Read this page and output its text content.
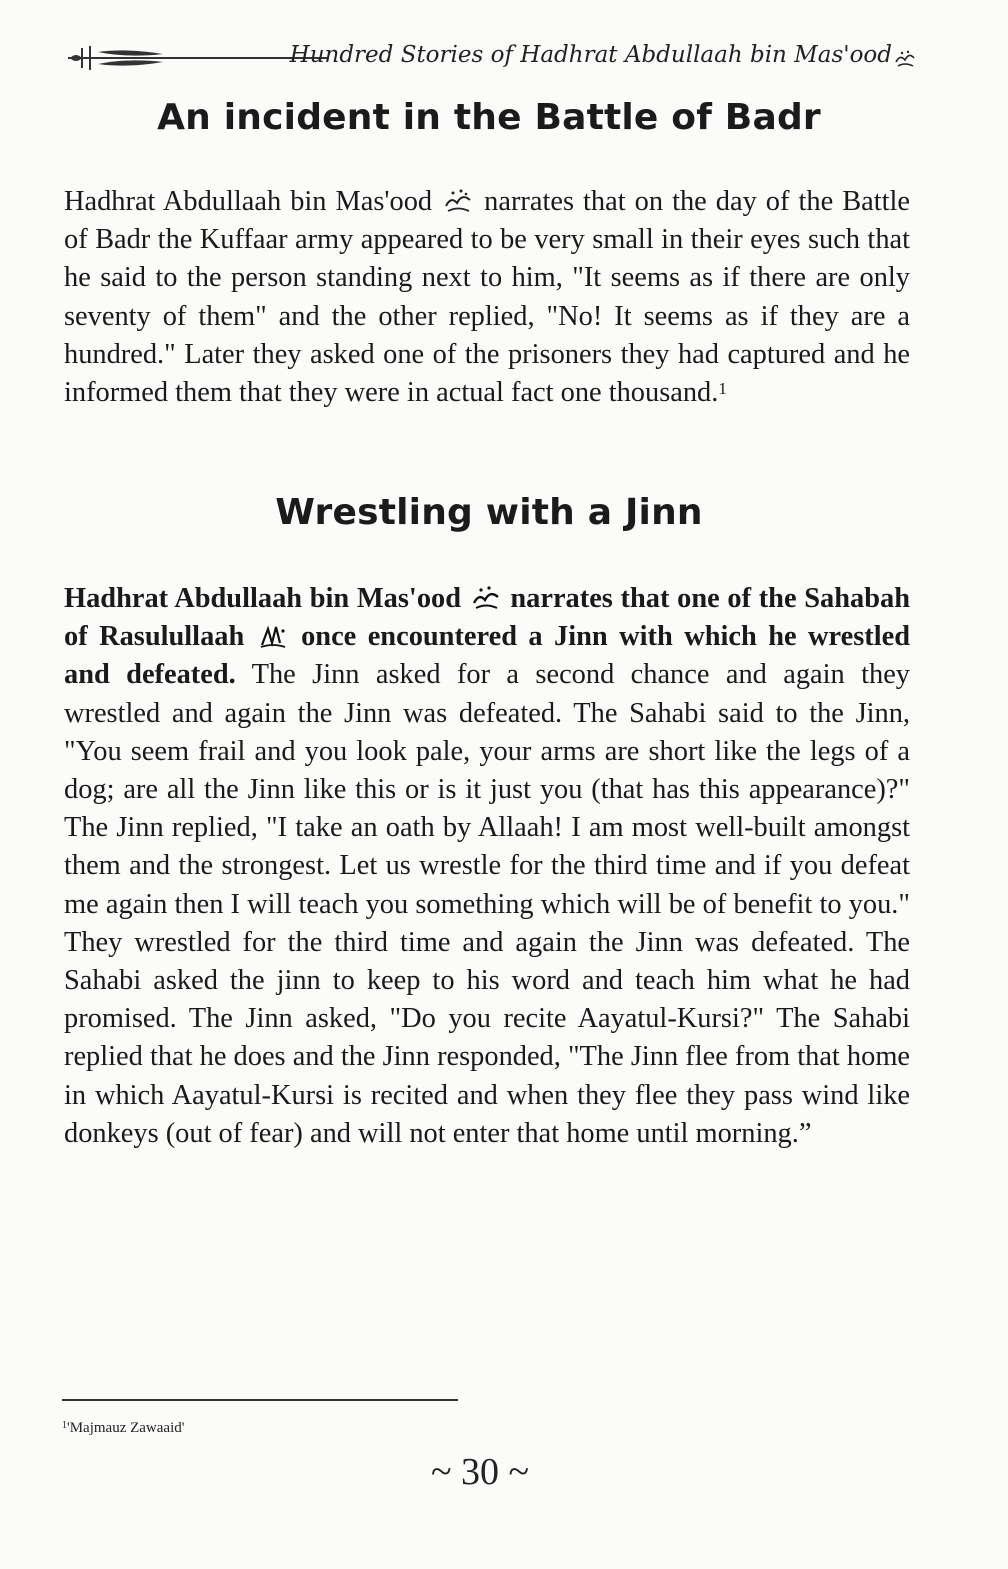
Hundred Stories of Hadhrat Abdullaah bin Mas'ood
An incident in the Battle of Badr

Hadhrat Abdullaah bin Mas'ood  narrates that on the day of the Battle of Badr the Kuffaar army appeared to be very small in their eyes such that he said to the person standing next to him, "It seems as if there are only seventy of them" and the other replied, "No! It seems as if they are a hundred." Later they asked one of the prisoners they had captured and he informed them that they were in actual fact one thousand.$^1$

Wrestling with a Jinn

Hadhrat Abdullaah bin Mas'ood  narrates that one of the Sahabah of Rasulullaah  once encountered a Jinn with which he wrestled and defeated. The Jinn asked for a second chance and again they wrestled and again the Jinn was defeated. The Sahabi said to the Jinn, "You seem frail and you look pale, your arms are short like the legs of a dog; are all the Jinn like this or is it just you (that has this appearance)?" The Jinn replied, "I take an oath by Allaah! I am most well-built amongst them and the strongest. Let us wrestle for the third time and if you defeat me again then I will teach you something which will be of benefit to you." They wrestled for the third time and again the Jinn was defeated. The Sahabi asked the jinn to keep to his word and teach him what he had promised. The Jinn asked, "Do you recite Aayatul-Kursi?" The Sahabi replied that he does and the Jinn responded, "The Jinn flee from that home in which Aayatul-Kursi is recited and when they flee they pass wind like donkeys (out of fear) and will not enter that home until morning.”

$^1$'Majmauz Zawaaid'
~ 30 ~
